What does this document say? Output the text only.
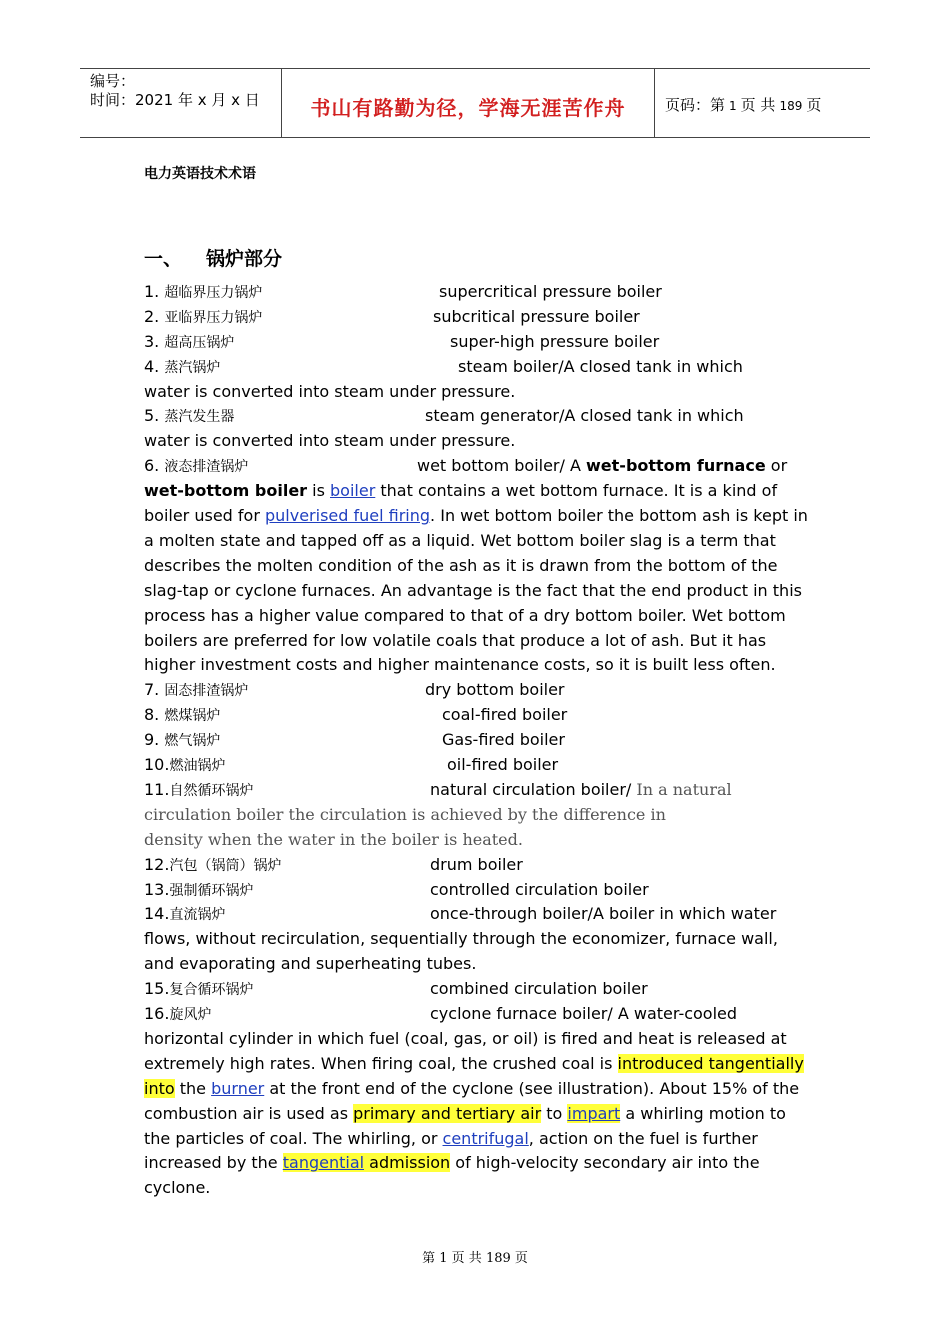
编号：
时间：2021 年 x 月 x 日	书山有路勤为径，学海无涯苦作舟	页码：第 1 页 共 189 页
电力英语技术术语
一、 锅炉部分
1. 超临界压力锅炉	supercritical pressure boiler
2. 亚临界压力锅炉	subcritical pressure boiler
3. 超高压锅炉	super-high pressure boiler
4. 蒸汽锅炉	steam boiler/A closed tank in which
water is converted into steam under pressure.
5. 蒸汽发生器	steam generator/A closed tank in which
water is converted into steam under pressure.
6. 液态排渣锅炉	wet bottom boiler/ A wet-bottom furnace or
wet-bottom boiler is boiler that contains a wet bottom furnace. It is a kind of boiler used for pulverised fuel firing. In wet bottom boiler the bottom ash is kept in a molten state and tapped off as a liquid. Wet bottom boiler slag is a term that describes the molten condition of the ash as it is drawn from the bottom of the slag-tap or cyclone furnaces. An advantage is the fact that the end product in this process has a higher value compared to that of a dry bottom boiler. Wet bottom boilers are preferred for low volatile coals that produce a lot of ash. But it has higher investment costs and higher maintenance costs, so it is built less often.
7. 固态排渣锅炉	dry bottom boiler
8. 燃煤锅炉	coal-fired boiler
9. 燃气锅炉	Gas-fired boiler
10.燃油锅炉	oil-fired boiler
11.自然循环锅炉	natural circulation boiler/ In a natural
circulation boiler the circulation is achieved by the difference in
density when the water in the boiler is heated.
12.汽包（锅筒）锅炉	drum boiler
13.强制循环锅炉	controlled circulation boiler
14.直流锅炉	once-through boiler/A boiler in which water
flows, without recirculation, sequentially through the economizer, furnace wall, and evaporating and superheating tubes.
15.复合循环锅炉	combined circulation boiler
16.旋风炉	cyclone furnace boiler/ A water-cooled
horizontal cylinder in which fuel (coal, gas, or oil) is fired and heat is released at extremely high rates. When firing coal, the crushed coal is introduced tangentially into the burner at the front end of the cyclone (see illustration). About 15% of the combustion air is used as primary and tertiary air to impart a whirling motion to the particles of coal. The whirling, or centrifugal, action on the fuel is further increased by the tangential admission of high-velocity secondary air into the cyclone.
第 1 页 共 189 页
